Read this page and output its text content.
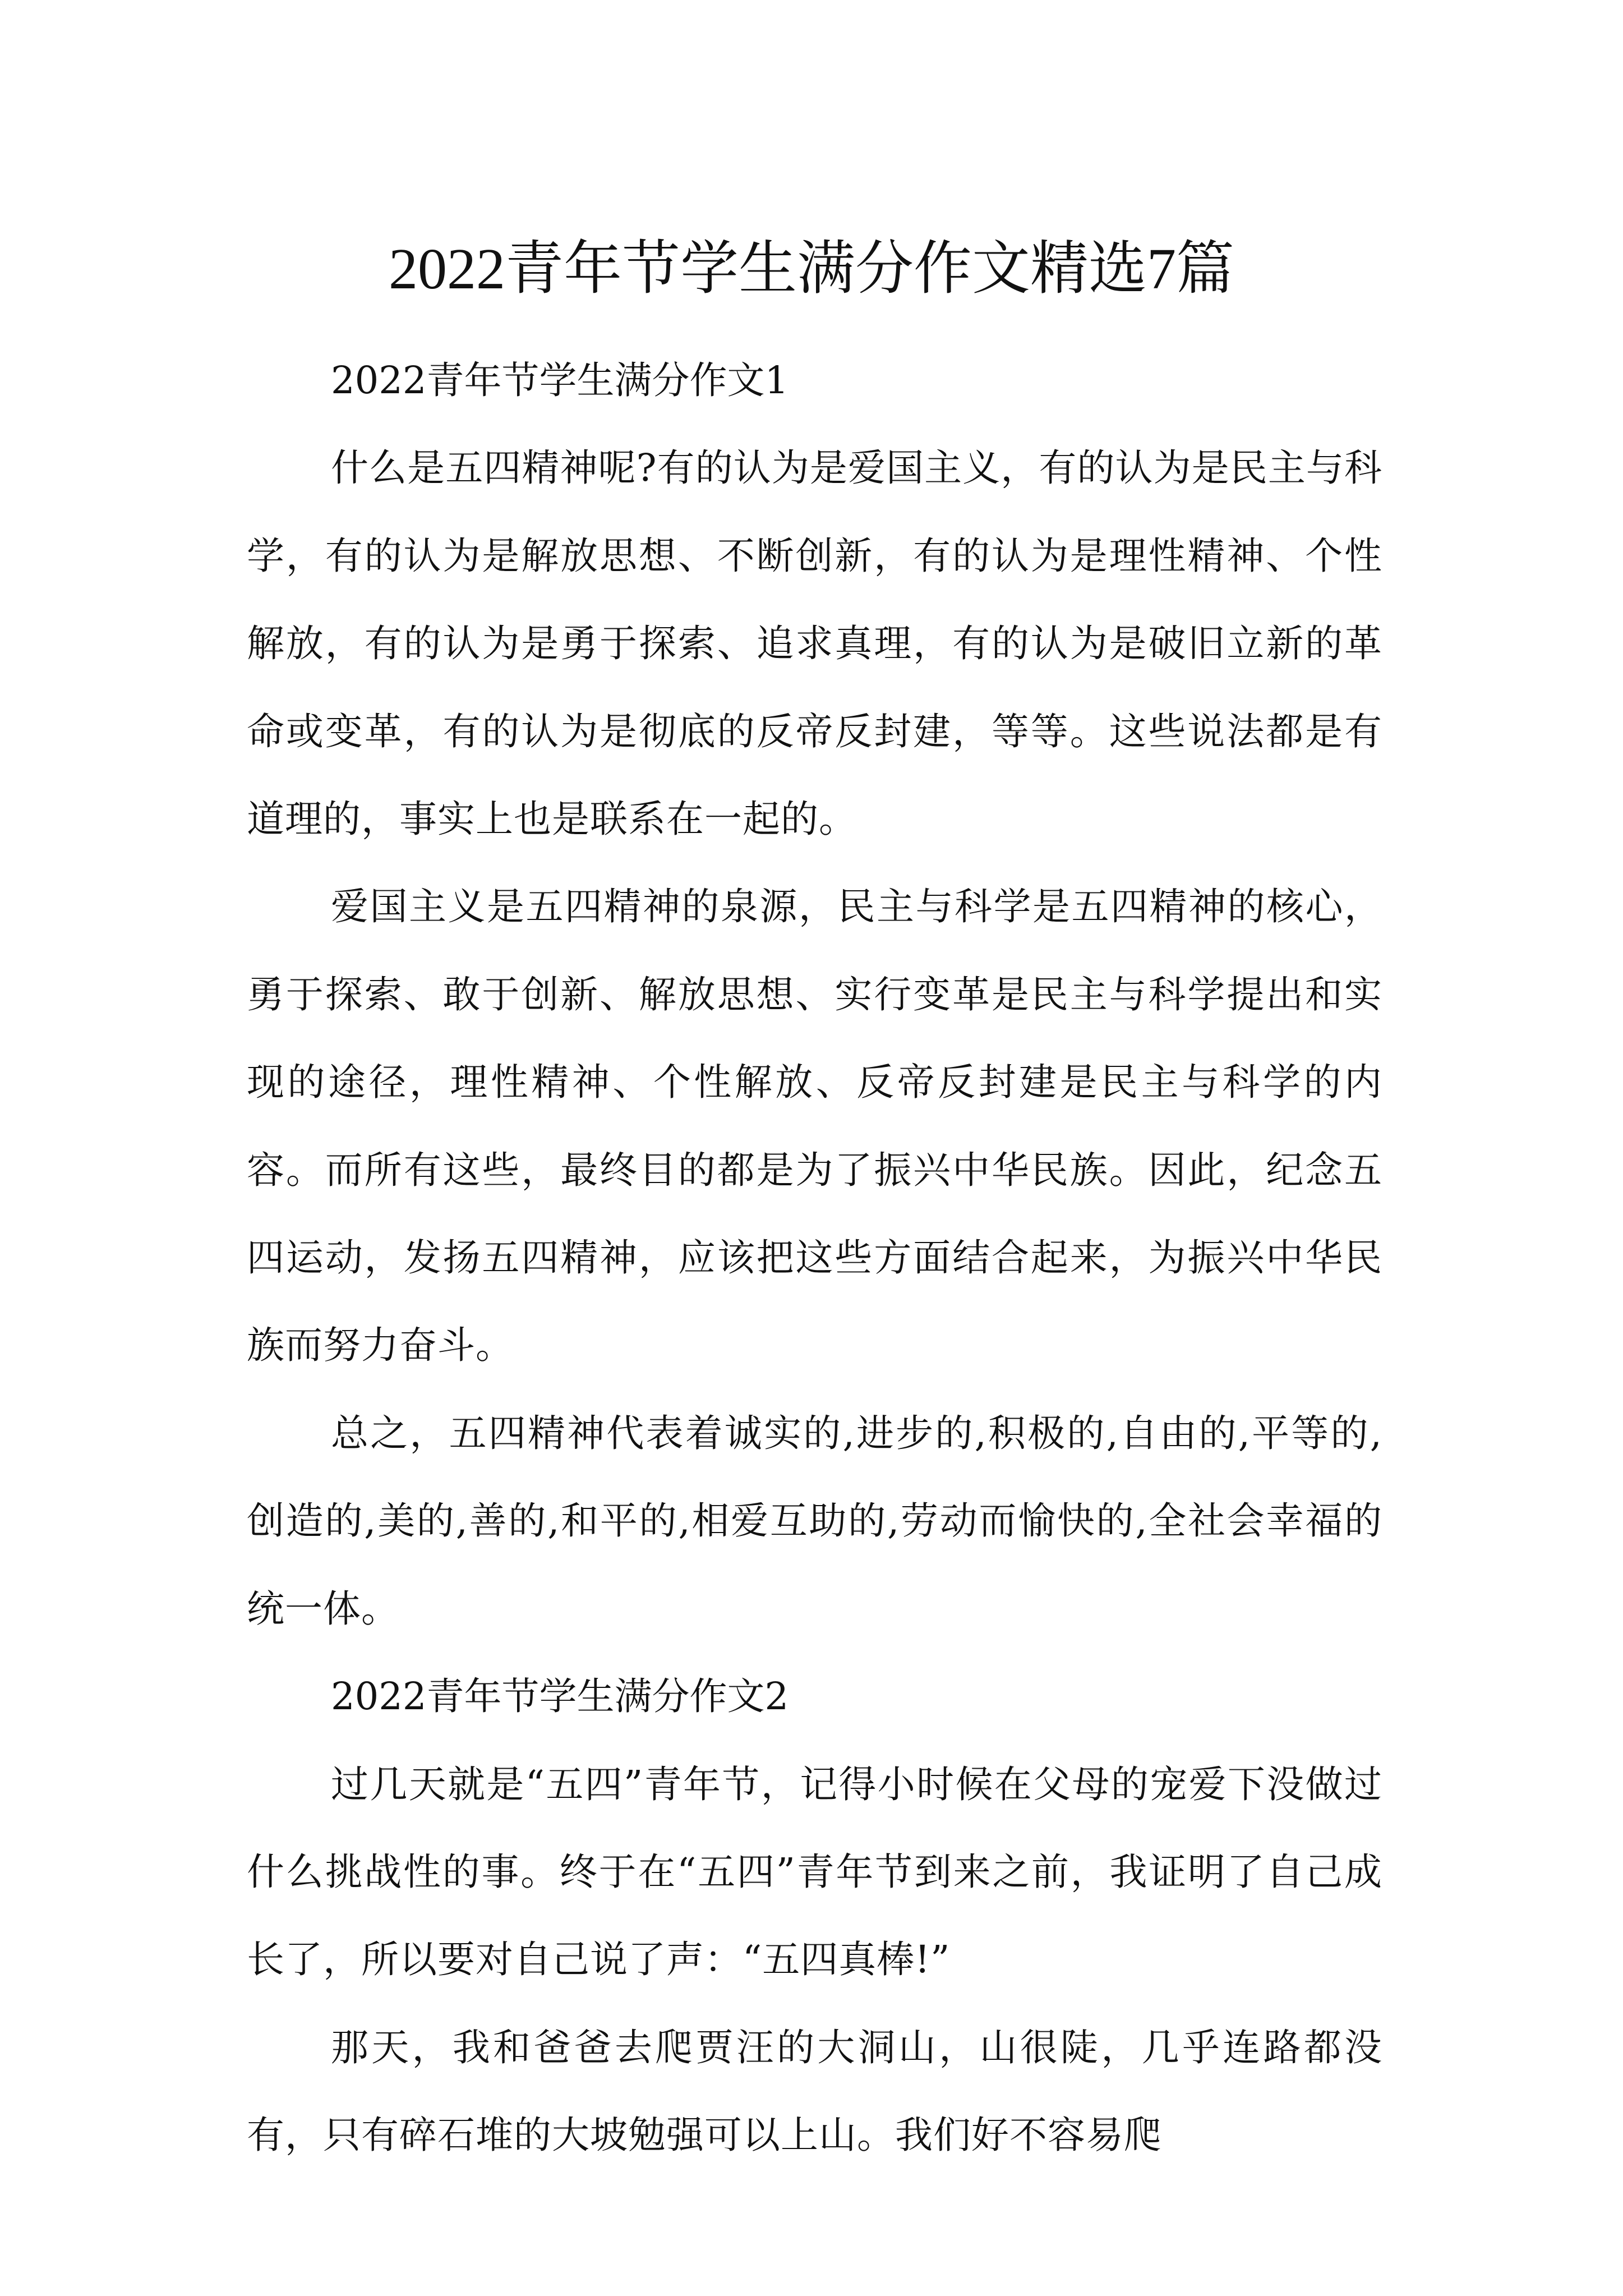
2022青年节学生满分作文精选7篇

2022青年节学生满分作文1

什么是五四精神呢?有的认为是爱国主义，有的认为是民主与科学，有的认为是解放思想、不断创新，有的认为是理性精神、个性解放，有的认为是勇于探索、追求真理，有的认为是破旧立新的革命或变革，有的认为是彻底的反帝反封建，等等。这些说法都是有道理的，事实上也是联系在一起的。

爱国主义是五四精神的泉源，民主与科学是五四精神的核心，勇于探索、敢于创新、解放思想、实行变革是民主与科学提出和实现的途径，理性精神、个性解放、反帝反封建是民主与科学的内容。而所有这些，最终目的都是为了振兴中华民族。因此，纪念五四运动，发扬五四精神，应该把这些方面结合起来，为振兴中华民族而努力奋斗。

总之，五四精神代表着诚实的,进步的,积极的,自由的,平等的,创造的,美的,善的,和平的,相爱互助的,劳动而愉快的,全社会幸福的统一体。

2022青年节学生满分作文2

过几天就是“五四”青年节，记得小时候在父母的宠爱下没做过什么挑战性的事。终于在“五四”青年节到来之前，我证明了自己成长了，所以要对自己说了声：“五四真棒!”

那天，我和爸爸去爬贾汪的大洞山，山很陡，几乎连路都没有，只有碎石堆的大坡勉强可以上山。我们好不容易爬
